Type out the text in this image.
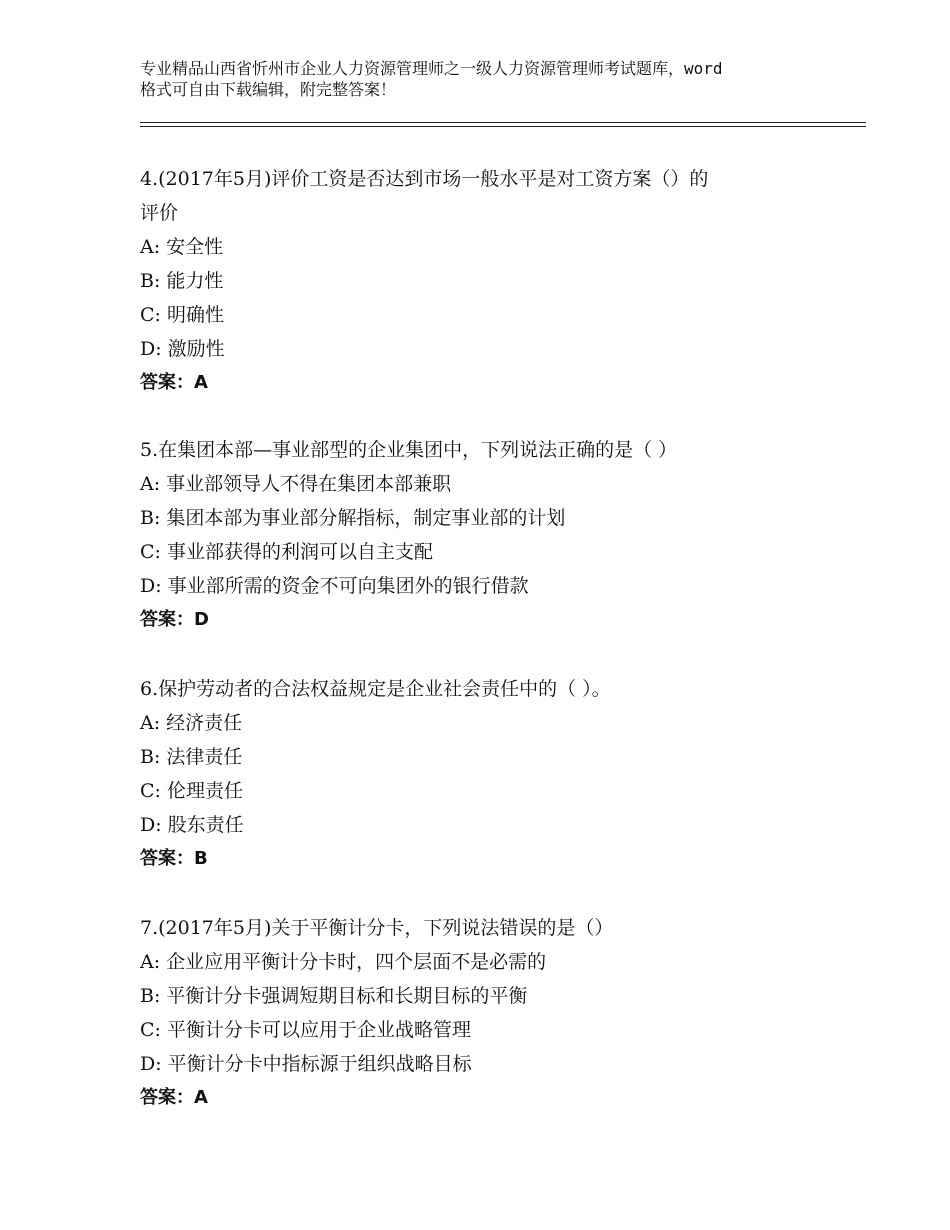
专业精品山西省忻州市企业人力资源管理师之一级人力资源管理师考试题库，word
格式可自由下载编辑，附完整答案！
4.(2017年5月)评价工资是否达到市场一般水平是对工资方案（）的
评价
A: 安全性
B: 能力性
C: 明确性
D: 激励性
答案：A
5.在集团本部—事业部型的企业集团中，下列说法正确的是（ ）
A: 事业部领导人不得在集团本部兼职
B: 集团本部为事业部分解指标，制定事业部的计划
C: 事业部获得的利润可以自主支配
D: 事业部所需的资金不可向集团外的银行借款
答案：D
6.保护劳动者的合法权益规定是企业社会责任中的（ ）。
A: 经济责任
B: 法律责任
C: 伦理责任
D: 股东责任
答案：B
7.(2017年5月)关于平衡计分卡，下列说法错误的是（）
A: 企业应用平衡计分卡时，四个层面不是必需的
B: 平衡计分卡强调短期目标和长期目标的平衡
C: 平衡计分卡可以应用于企业战略管理
D: 平衡计分卡中指标源于组织战略目标
答案：A
